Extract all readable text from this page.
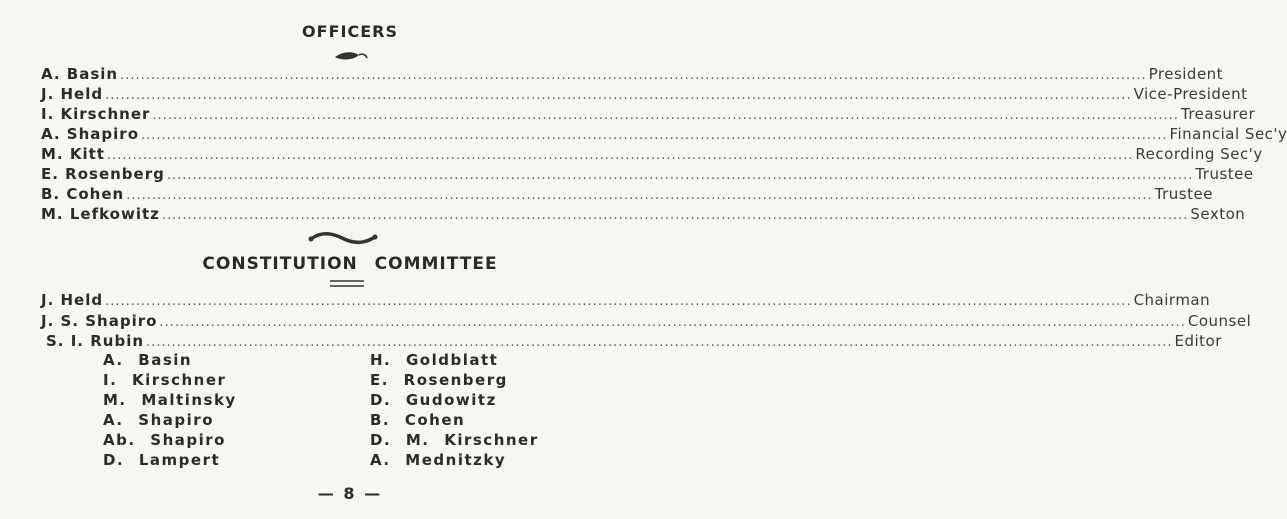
OFFICERS
A. Basin ........................................................................................................................................................................................................ President
J. Held ........................................................................................................................................................................................................ Vice-President
I. Kirschner ........................................................................................................................................................................................................ Treasurer
A. Shapiro ........................................................................................................................................................................................................ Financial Sec'y
M. Kitt ........................................................................................................................................................................................................ Recording Sec'y
E. Rosenberg ........................................................................................................................................................................................................ Trustee
B. Cohen ........................................................................................................................................................................................................ Trustee
M. Lefkowitz ........................................................................................................................................................................................................ Sexton
CONSTITUTION COMMITTEE
J. Held ........................................................................................................................................................................................................ Chairman
J. S. Shapiro ........................................................................................................................................................................................................ Counsel
S. I. Rubin ........................................................................................................................................................................................................ Editor
A. Basin
I. Kirschner
M. Maltinsky
A. Shapiro
Ab. Shapiro
D. Lampert
H. Goldblatt
E. Rosenberg
D. Gudowitz
B. Cohen
D. M. Kirschner
A. Mednitzky
— 8 —
